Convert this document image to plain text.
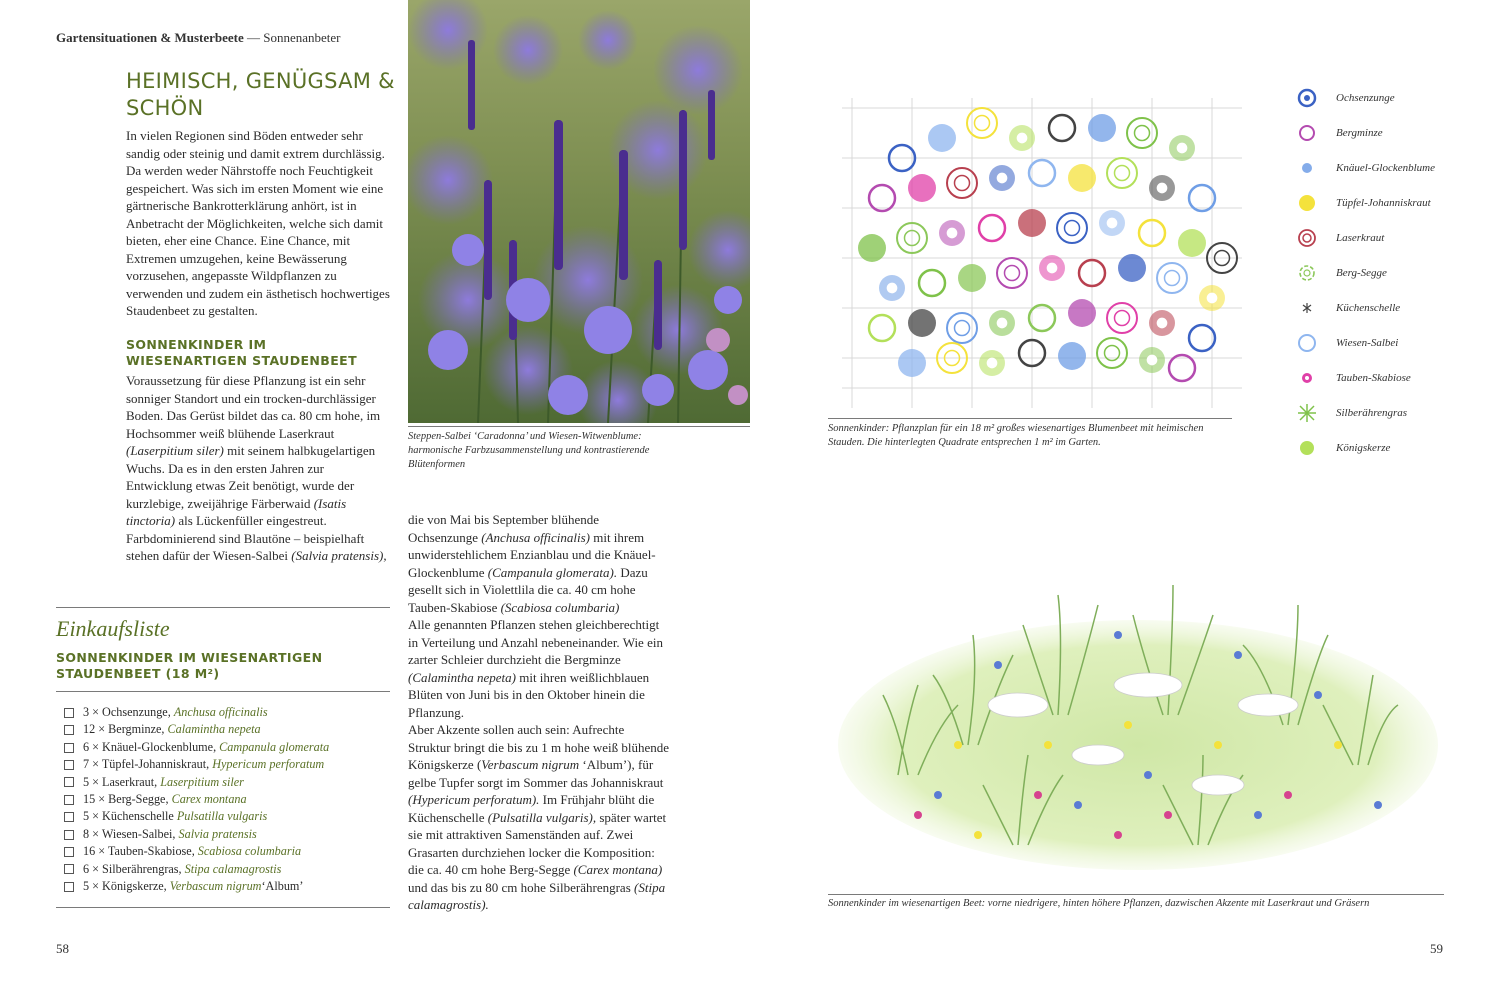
Gartensituationen & Musterbeete — Sonnenanbeter
HEIMISCH, GENÜGSAM & SCHÖN
In vielen Regionen sind Böden entweder sehr sandig oder steinig und damit extrem durchlässig. Da werden weder Nährstoffe noch Feuchtigkeit gespeichert. Was sich im ersten Moment wie eine gärtnerische Bankrotterklärung anhört, ist in Anbetracht der Möglichkeiten, welche sich damit bieten, eher eine Chance. Eine Chance, mit Extremen umzugehen, keine Bewässerung vorzusehen, angepasste Wildpflanzen zu verwenden und zudem ein ästhetisch hochwertiges Staudenbeet zu gestalten.
SONNENKINDER IM WIESENARTIGEN STAUDENBEET
Voraussetzung für diese Pflanzung ist ein sehr sonniger Standort und ein trocken-durchlässiger Boden. Das Gerüst bildet das ca. 80 cm hohe, im Hochsommer weiß blühende Laserkraut (Laserpitium siler) mit seinem halbkugelartigen Wuchs. Da es in den ersten Jahren zur Entwicklung etwas Zeit benötigt, wurde der kurzlebige, zweijährige Färberwaid (Isatis tinctoria) als Lückenfüller eingestreut.
Farbdominierend sind Blautöne – beispielhaft stehen dafür der Wiesen-Salbei (Salvia pratensis),
Einkaufsliste
SONNENKINDER IM WIESENARTIGEN STAUDENBEET (18 M²)
3 × Ochsenzunge, Anchusa officinalis
12 × Bergminze, Calamintha nepeta
6 × Knäuel-Glockenblume, Campanula glomerata
7 × Tüpfel-Johanniskraut, Hypericum perforatum
5 × Laserkraut, Laserpitium siler
15 × Berg-Segge, Carex montana
5 × Küchenschelle Pulsatilla vulgaris
8 × Wiesen-Salbei, Salvia pratensis
16 × Tauben-Skabiose, Scabiosa columbaria
6 × Silberährengras, Stipa calamagrostis
5 × Königskerze, Verbascum nigrum ‘Album’
Steppen-Salbei ‘Caradonna’ und Wiesen-Witwenblume: harmonische Farbzusammenstellung und kontrastierende Blütenformen
die von Mai bis September blühende Ochsenzunge (Anchusa officinalis) mit ihrem unwiderstehlichem Enzianblau und die Knäuel-Glockenblume (Campanula glomerata). Dazu gesellt sich in Violettlila die ca. 40 cm hohe Tauben-Skabiose (Scabiosa columbaria)
Alle genannten Pflanzen stehen gleichberechtigt in Verteilung und Anzahl nebeneinander. Wie ein zarter Schleier durchzieht die Bergminze (Calamintha nepeta) mit ihren weißlichblauen Blüten von Juni bis in den Oktober hinein die Pflanzung.
Aber Akzente sollen auch sein: Aufrechte Struktur bringt die bis zu 1 m hohe weiß blühende Königskerze (Verbascum nigrum ‘Album’), für gelbe Tupfer sorgt im Sommer das Johanniskraut (Hypericum perforatum). Im Frühjahr blüht die Küchenschelle (Pulsatilla vulgaris), später wartet sie mit attraktiven Samenständen auf. Zwei Grasarten durchziehen locker die Komposition: die ca. 40 cm hohe Berg-Segge (Carex montana) und das bis zu 80 cm hohe Silberährengras (Stipa calamagrostis).
Sonnenkinder: Pflanzplan für ein 18 m² großes wiesenartiges Blumenbeet mit heimischen Stauden. Die hinterlegten Quadrate entsprechen 1 m² im Garten.
Ochsenzunge
Bergminze
Knäuel-Glockenblume
Tüpfel-Johanniskraut
Laserkraut
Berg-Segge
Küchenschelle
Wiesen-Salbei
Tauben-Skabiose
Silberährengras
Königskerze
Sonnenkinder im wiesenartigen Beet: vorne niedrigere, hinten höhere Pflanzen, dazwischen Akzente mit Laserkraut und Gräsern
58	59
